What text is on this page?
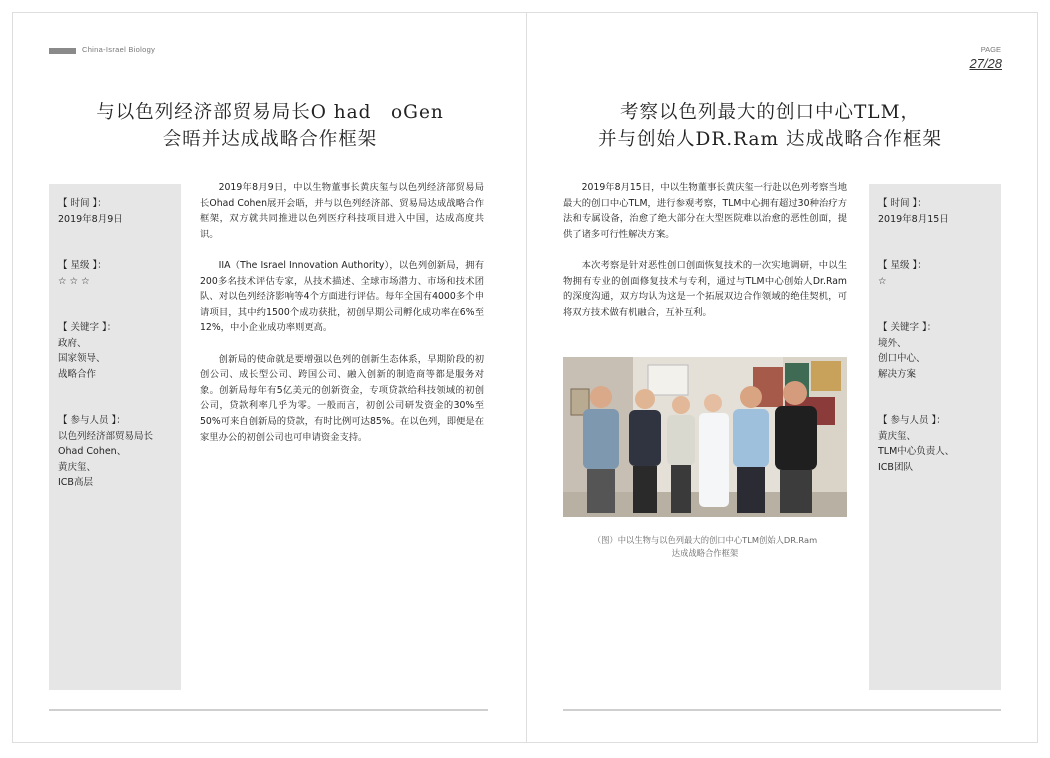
China-Israel Biology	PAGE
27/28
与以色列经济部贸易局长O had　oGen
会晤并达成战略合作框架
【 时间 】：
2019年8月9日
【 星级 】：
☆ ☆ ☆
【 关键字 】：
政府、
国家领导、
战略合作
【 参与人员 】：
以色列经济部贸易局长
Ohad Cohen、
黄庆玺、
ICB高层

2019年8月9日，中以生物董事长黄庆玺与以色列经济部贸易局长Ohad Cohen展开会晤，并与以色列经济部、贸易局达成战略合作框架，双方就共同推进以色列医疗科技项目进入中国，达成高度共识。

IIA（The Israel Innovation Authority），以色列创新局，拥有200多名技术评估专家，从技术描述、全球市场潜力、市场和技术团队、对以色列经济影响等4个方面进行评估。每年全国有4000多个申请项目，其中约1500个成功获批，初创早期公司孵化成功率在6%至12%，中小企业成功率则更高。

创新局的使命就是要增强以色列的创新生态体系，早期阶段的初创公司、成长型公司、跨国公司、融入创新的制造商等都是服务对象。创新局每年有5亿美元的创新资金，专项贷款给科技领域的初创公司，贷款利率几乎为零。一般而言，初创公司研发资金的30%至50%可来自创新局的贷款，有时比例可达85%。在以色列，即便是在家里办公的初创公司也可申请资金支持。

考察以色列最大的创口中心TLM，
并与创始人DR.Ram 达成战略合作框架

2019年8月15日，中以生物董事长黄庆玺一行赴以色列考察当地最大的创口中心TLM，进行参观考察，TLM中心拥有超过30种治疗方法和专属设备，治愈了绝大部分在大型医院难以治愈的恶性创面，提供了诸多可行性解决方案。

本次考察是针对恶性创口创面恢复技术的一次实地调研，中以生物拥有专业的创面修复技术与专利，通过与TLM中心创始人Dr.Ram的深度沟通，双方均认为这是一个拓展双边合作领域的绝佳契机，可将双方技术做有机融合，互补互利。

（图）中以生物与以色列最大的创口中心TLM创始人DR.Ram
达成战略合作框架
【 时间 】：
2019年8月15日
【 星级 】：
☆
【 关键字 】：
境外、
创口中心、
解决方案
【 参与人员 】：
黄庆玺、
TLM中心负责人、
ICB团队
